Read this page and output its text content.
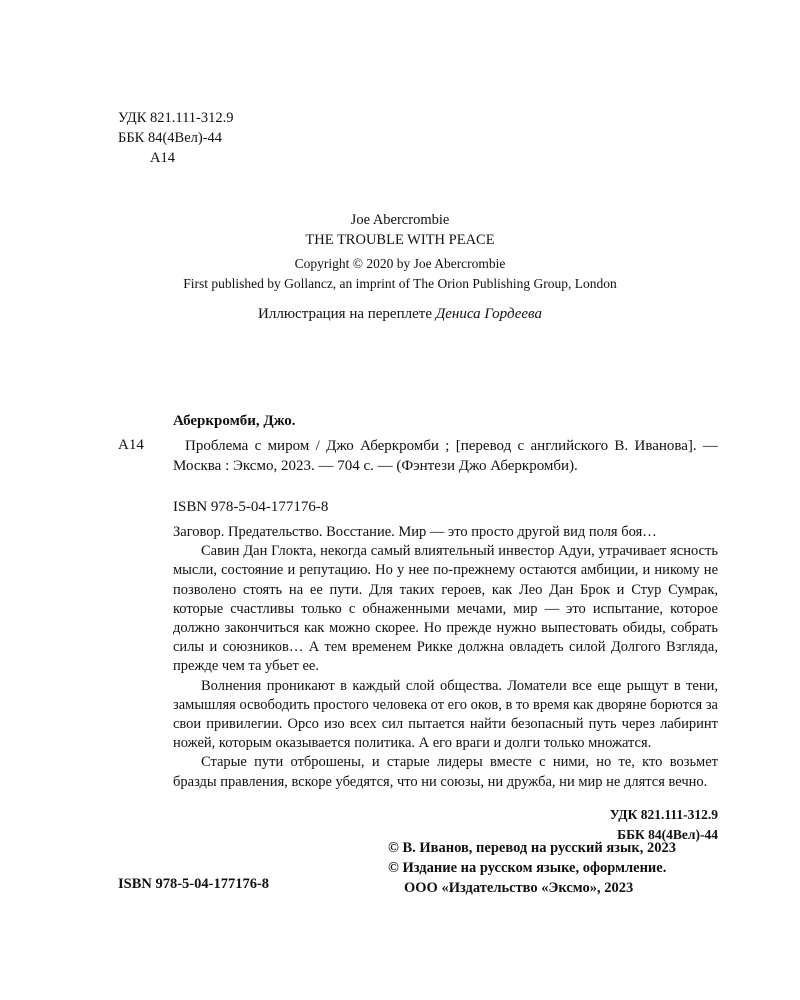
УДК 821.111-312.9
ББК 84(4Вел)-44
А14
Joe Abercrombie
THE TROUBLE WITH PEACE
Copyright © 2020 by Joe Abercrombie
First published by Gollancz, an imprint of The Orion Publishing Group, London
Иллюстрация на переплете Дениса Гордеева
Аберкромби, Джо.
А14	Проблема с миром / Джо Аберкромби ; [перевод с английского В. Иванова]. — Москва : Эксмо, 2023. — 704 с. — (Фэнтези Джо Аберкромби).
ISBN 978-5-04-177176-8

Заговор. Предательство. Восстание. Мир — это просто другой вид поля боя…

Савин Дан Глокта, некогда самый влиятельный инвестор Адуи, утрачивает ясность мысли, состояние и репутацию. Но у нее по-прежнему остаются амбиции, и никому не позволено стоять на ее пути. Для таких героев, как Лео Дан Брок и Стур Сумрак, которые счастливы только с обнаженными мечами, мир — это испытание, которое должно закончиться как можно скорее. Но прежде нужно выпестовать обиды, собрать силы и союзников… А тем временем Рикке должна овладеть силой Долгого Взгляда, прежде чем та убьет ее.

Волнения проникают в каждый слой общества. Ломатели все еще рыщут в тени, замышляя освободить простого человека от его оков, в то время как дворяне борются за свои привилегии. Орсо изо всех сил пытается найти безопасный путь через лабиринт ножей, которым оказывается политика. А его враги и долги только множатся.

Старые пути отброшены, и старые лидеры вместе с ними, но те, кто возьмет бразды правления, вскоре убедятся, что ни союзы, ни дружба, ни мир не длятся вечно.

УДК 821.111-312.9
ББК 84(4Вел)-44
ISBN 978-5-04-177176-8
© В. Иванов, перевод на русский язык, 2023
© Издание на русском языке, оформление.
ООО «Издательство «Эксмо», 2023
